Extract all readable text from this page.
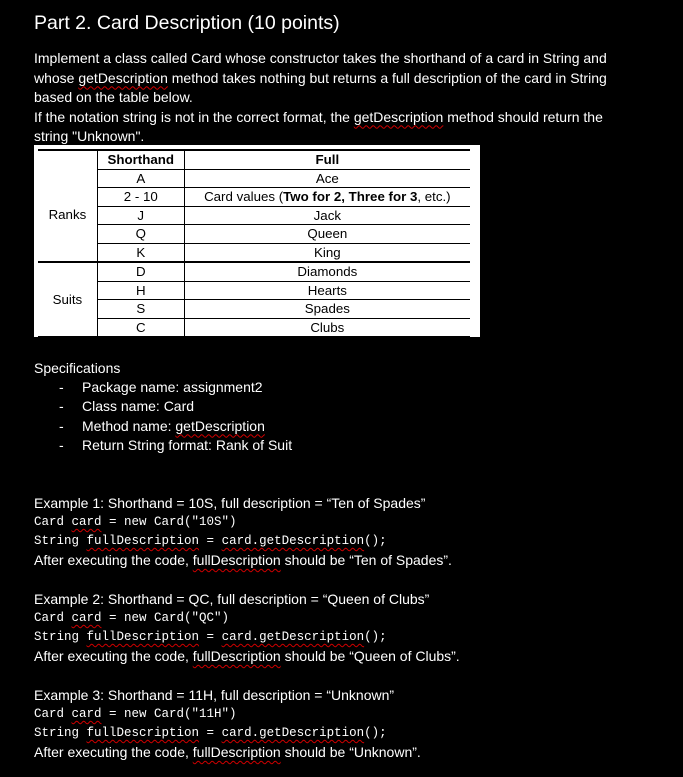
Part 2. Card Description (10 points)

Implement a class called Card whose constructor takes the shorthand of a card in String and

whose getDescription method takes nothing but returns a full description of the card in String

based on the table below.

If the notation string is not in the correct format, the getDescription method should return the

string "Unknown".

	Shorthand	Full
Ranks	A	Ace
	2 - 10	Card values (Two for 2, Three for 3, etc.)
	J	Jack
	Q	Queen
	K	King
Suits	D	Diamonds
	H	Hearts
	S	Spades
	C	Clubs
Specifications
- Package name: assignment2
- Class name: Card
- Method name: getDescription
- Return String format: Rank of Suit
Example 1: Shorthand = 10S, full description = “Ten of Spades”
Card card = new Card("10S")
String fullDescription = card.getDescription();
After executing the code, fullDescription should be “Ten of Spades”.
Example 2: Shorthand = QC, full description = “Queen of Clubs”
Card card = new Card("QC")
String fullDescription = card.getDescription();
After executing the code, fullDescription should be “Queen of Clubs”.
Example 3: Shorthand = 11H, full description = “Unknown”
Card card = new Card("11H")
String fullDescription = card.getDescription();
After executing the code, fullDescription should be “Unknown”.
